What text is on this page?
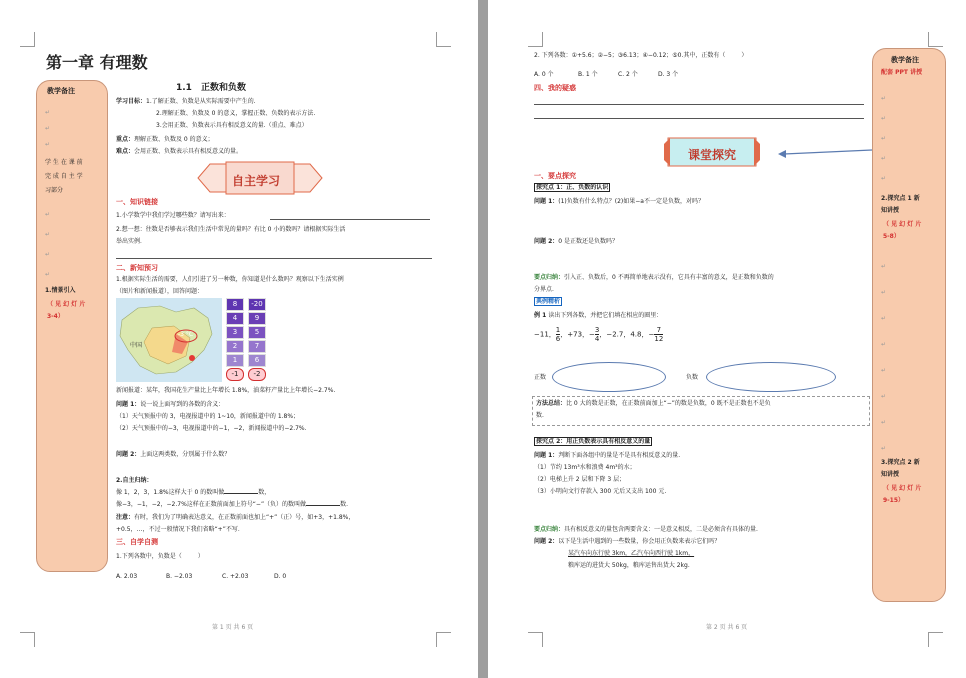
第一章 有理数
1.1　正数和负数
教学备注
↵
↵
↵
学 生 在 课 前
完 成 自 主 学
习部分
↵
↵
↵
↵
1.情景引入
（ 见 幻 灯 片
3-4）
学习目标：1.了解正数、负数是从实际需要中产生的.
2.理解正数、负数及 0 的意义，掌握正数、负数的表示方法.
3.会用正数、负数表示具有相反意义的量.（重点、难点）
重点：理解正数、负数及 0 的意义；
难点：会用正数、负数表示具有相反意义的量。
自主学习
一、知识链接
1.小学数学中我们学过哪些数？请写出来：
2.想一想：往数是否够表示我们生活中常见的量吗？有比 0 小的数吗？请根据实际生活
举出实例．
二、新知预习
1.根据实际生活的需要，人们引进了另一种数，你知道是什么数吗？观察以下生活实例
（图片和新闻报道），回答问题：
中国
-3 °C
8	-20
4	9
3	5
2	7
1	6
-1	-2
新闻报道：某年，我国花生产量比上年增长 1.8%，油菜籽产量比上年增长−2.7%.
问题 1：说一说上面写到的各数的含义：
（1）天气预报中的 3，电视报道中的 1~10，新闻报道中的 1.8%；
（2）天气预报中的−3，电视报道中的−1，−2，新闻报道中的−2.7%.
问题 2：上面这两类数，分别属于什么数？
2.自主归纳：
像 1，2，3，1.8%这样大于 0 的数叫做	数，
像−3，−1，−2，−2.7%这样在正数前面加上符号“−”（负）的数叫做	数.
注意：有时，我们为了明确表达意义，在正数前面也加上“+”（正）号，如+3，+1.8%，
+0.5，…，不过一般情况下我们省略“+”不写．
三、自学自测
1.下列各数中，负数是（	）
A. 2.03	B. −2.03	C. +2.03	D. 0
第 1 页 共 6 页
2. 下列各数：①+5.6；②−5；③6.13；④−0.12；⑤0.其中，正数有（	）
A. 0 个	B. 1 个	C. 2 个	D. 3 个
四、我的疑惑
教学备注
配套 PPT 讲授
↵
↵
↵
↵
↵
2.探究点 1 新
知讲授
（ 见 幻 灯 片
5-8）
↵
↵
↵
↵
↵
↵
↵
↵
3.探究点 2 新
知讲授
（ 见 幻 灯 片
9-15）
课堂探究
一、要点探究
探究点 1：正、负数的认识
问题 1：(1)负数有什么特点？(2)如果−a不一定是负数，对吗？
问题 2：0 是正数还是负数吗？
要点归纳：引入正、负数后，0 不再简单地表示没有，它具有丰富的意义，是正数和负数的
分界点.
典例精析
例 1 读出下列各数，并把它们填在相应的圈里：
−11， $\frac{1}{6}$ ，+73，− $\frac{3}{4}$ ，−2.7，4.8，− $\frac{7}{12}$
正数	负数
方法总结：比 0 大的数是正数，在正数前面加上“−”的数是负数，0 既不是正数也不是负
数.
探究点 2：用正负数表示具有相反意义的量
问题 1：判断下面各组中的量是不是具有相反意义的量.
（1）节约 13m³水和浪费 4m³的水；
（2）电梯上升 2 层和下降 3 层；
（3）小明向文行存款入 300 元后又支出 100 元.
要点归纳：具有相反意义的量包含两要含义：一是意义相反，二是必须含有具体的量.
问题 2：以下是生活中遇到的一些数量，你会用正负数来表示它们吗？
某汽车向东行驶 3km，乙汽车向西行驶 1km，
粮库运的进货大 50kg，粮库运售出货大 2kg.
第 2 页 共 6 页
